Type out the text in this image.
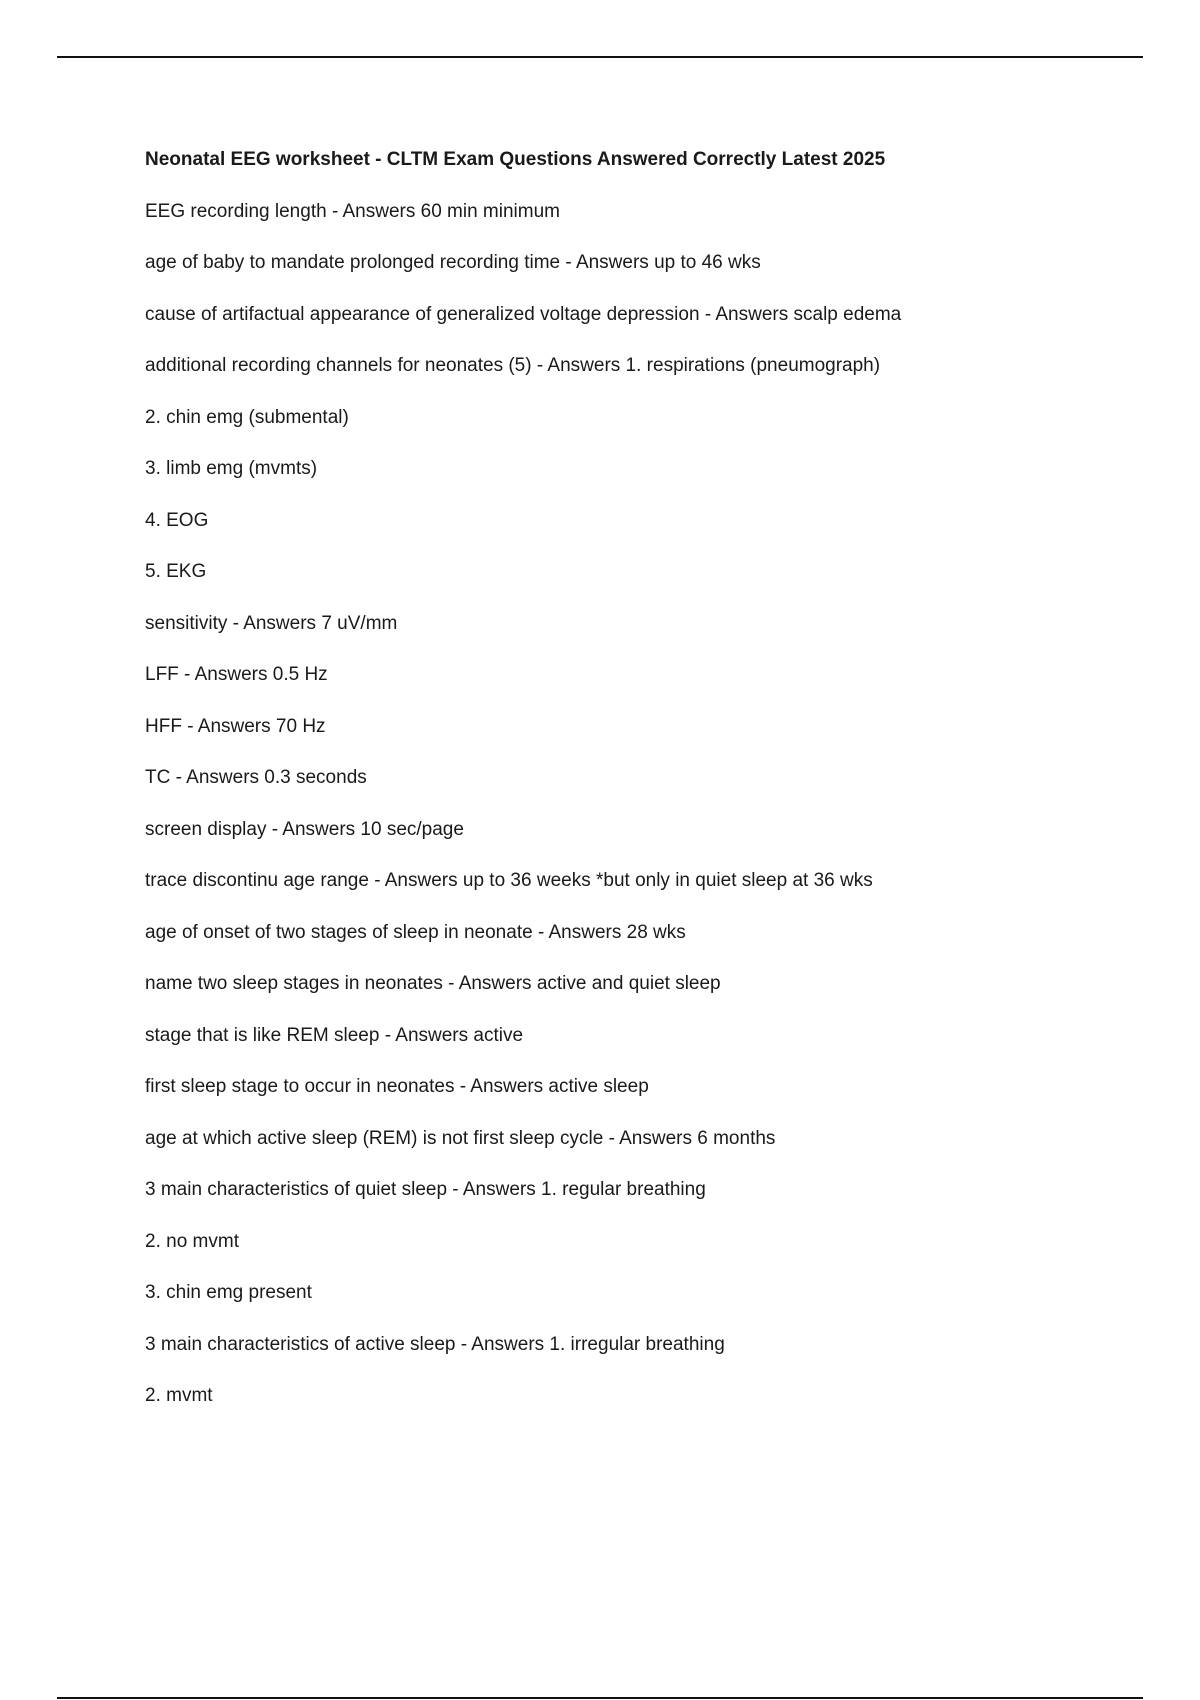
Neonatal EEG worksheet - CLTM Exam Questions Answered Correctly Latest 2025
EEG recording length - Answers 60 min minimum
age of baby to mandate prolonged recording time - Answers up to 46 wks
cause of artifactual appearance of generalized voltage depression - Answers scalp edema
additional recording channels for neonates (5) - Answers 1. respirations (pneumograph)
2. chin emg (submental)
3. limb emg (mvmts)
4. EOG
5. EKG
sensitivity - Answers 7 uV/mm
LFF - Answers 0.5 Hz
HFF - Answers 70 Hz
TC - Answers 0.3 seconds
screen display - Answers 10 sec/page
trace discontinu age range - Answers up to 36 weeks *but only in quiet sleep at 36 wks
age of onset of two stages of sleep in neonate - Answers 28 wks
name two sleep stages in neonates - Answers active and quiet sleep
stage that is like REM sleep - Answers active
first sleep stage to occur in neonates - Answers active sleep
age at which active sleep (REM) is not first sleep cycle - Answers 6 months
3 main characteristics of quiet sleep - Answers 1. regular breathing
2. no mvmt
3. chin emg present
3 main characteristics of active sleep - Answers 1. irregular breathing
2. mvmt
